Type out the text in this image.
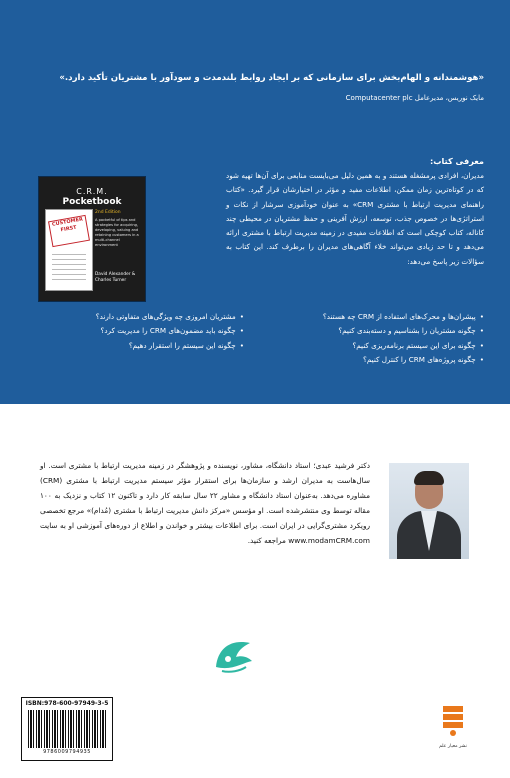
«هوشمندانه و الهام‌بخش برای سازمانی که بر ایجاد روابط بلندمدت و سودآور با مشتریان تأکید دارد.»
مایک نوریس، مدیرعامل Computacenter plc
C.R.M.
Pocketbook
CUSTOMER FIRST
2nd Edition
A pocketful of tips and strategies for acquiring, developing, valuing and retaining customers in a multi-channel environment
David Alexander & Charles Turner
معرفی کتاب:
مدیران، افرادی پرمشغله هستند و به همین دلیل می‌بایست منابعی برای آن‌ها تهیه شود که در کوتاه‌ترین زمان ممکن، اطلاعات مفید و مؤثر در اختیارشان قرار گیرد. «کتاب راهنمای مدیریت ارتباط با مشتری CRM» به عنوان خودآموزی سرشار از نکات و استراتژی‌ها در خصوص جذب، توسعه، ارزش آفرینی و حفظ مشتریان در محیطی چند کاناله، کتاب کوچکی است که اطلاعات مفیدی در زمینه مدیریت ارتباط با مشتری ارائه می‌دهد و تا حد زیادی می‌تواند خلاء آگاهی‌های مدیران را برطرف کند. این کتاب به سؤالات زیر پاسخ می‌دهد:
• پیشران‌ها و محرک‌های استفاده از CRM چه هستند؟
• چگونه مشتریان را بشناسیم و دسته‌بندی کنیم؟
• چگونه برای این سیستم برنامه‌ریزی کنیم؟
• چگونه پروژه‌های CRM را کنترل کنیم؟
• مشتریان امروزی چه ویژگی‌های متفاوتی دارند؟
• چگونه باید مضمون‌های CRM را مدیریت کرد؟
• چگونه این سیستم را استقرار دهیم؟
دکتر فرشید عبدی؛ استاد دانشگاه، مشاور، نویسنده و پژوهشگر در زمینه مدیریت ارتباط با مشتری است. او سال‌هاست به مدیران ارشد و سازمان‌ها برای استقرار مؤثر سیستم مدیریت ارتباط با مشتری (CRM) مشاوره می‌دهد. به‌عنوان استاد دانشگاه و مشاور ۲۲ سال سابقه کار دارد و تاکنون ۱۲ کتاب و نزدیک به ۱۰۰ مقاله توسط وی منتشرشده است. او مؤسس «مرکز دانش مدیریت ارتباط با مشتری (مُدام)» مرجع تخصصی رویکرد مشتری‌گرایی در ایران است. برای اطلاعات بیشتر و خواندن و اطلاع از دوره‌های آموزشی او به سایت www.modamCRM.com مراجعه کنید.
ISBN:978-600-97949-3-5
9786009794935
نشر معیار علم
